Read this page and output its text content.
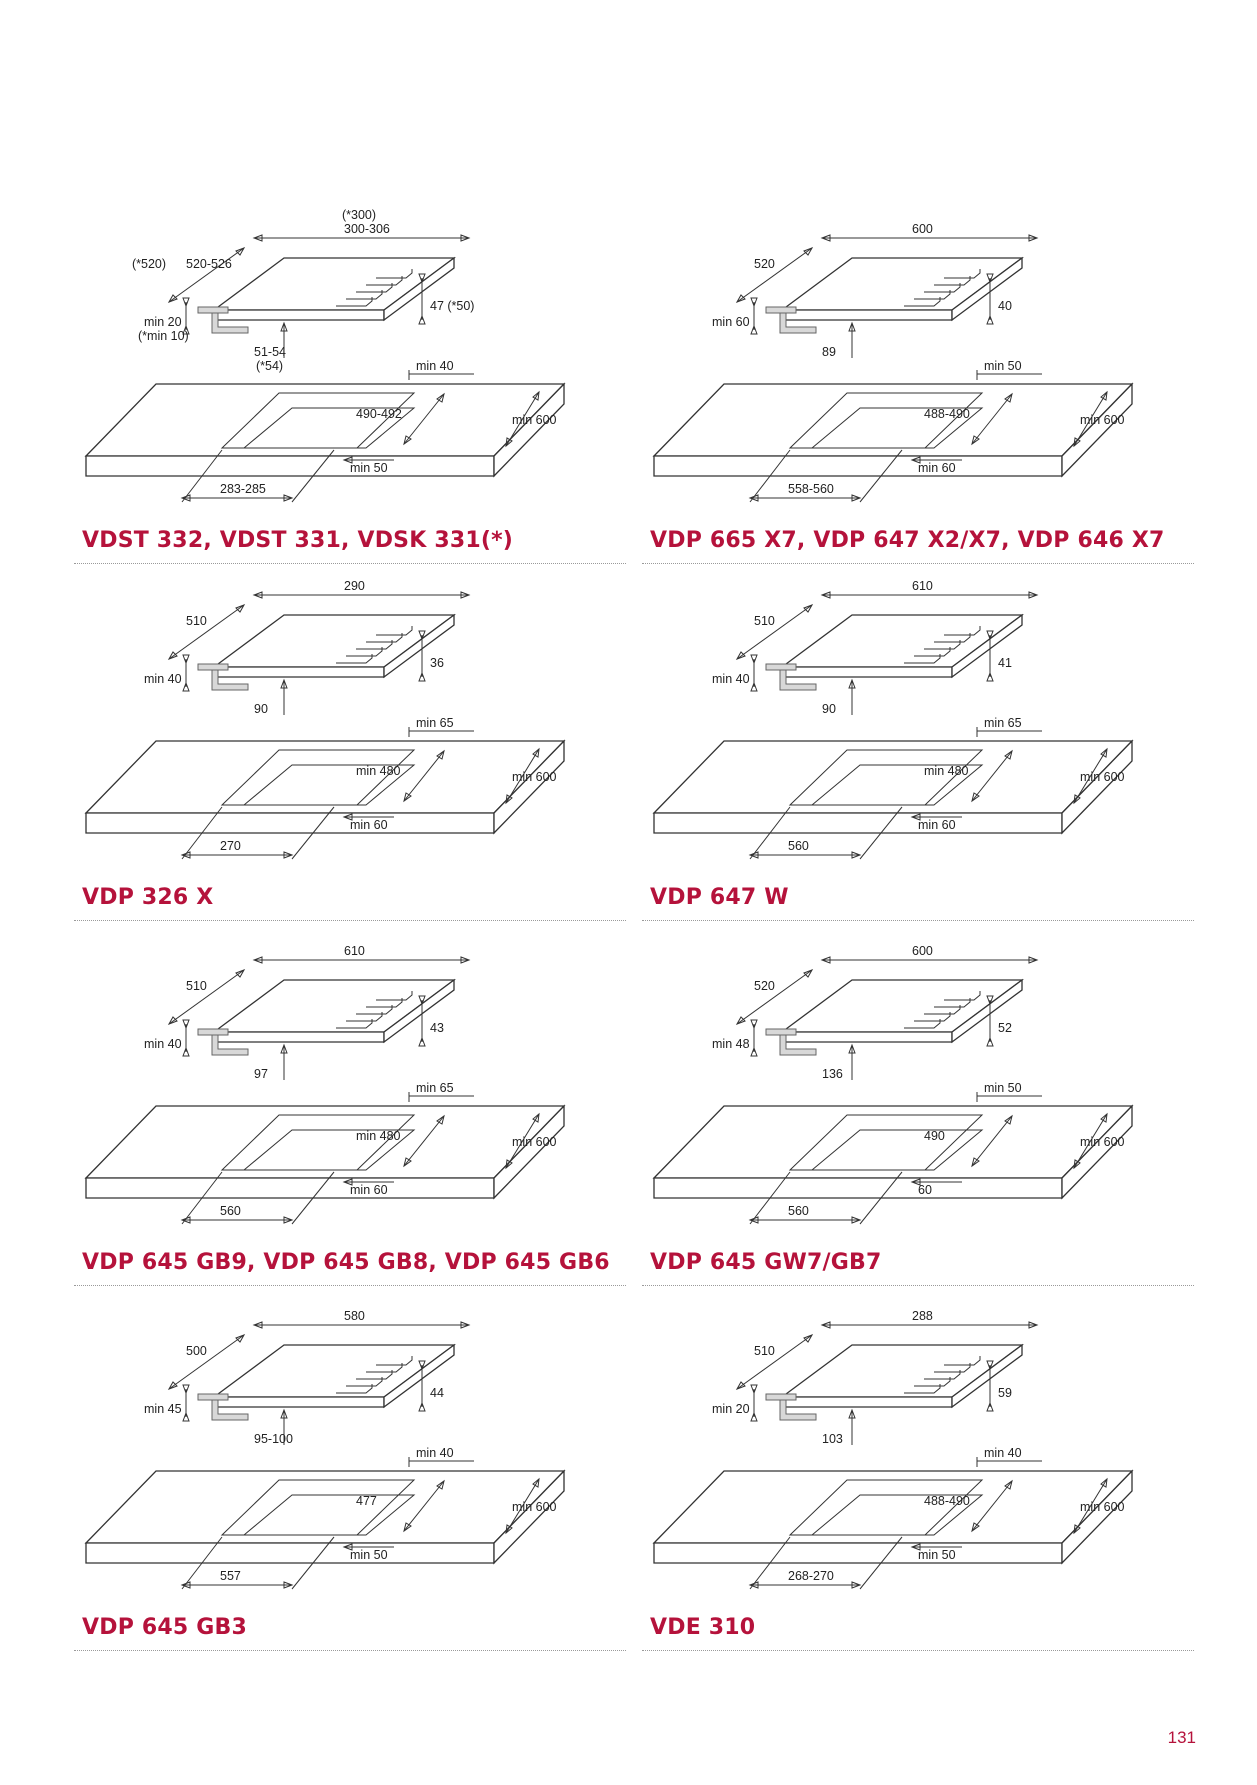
131
300-306
(*300)
520-526
(*520)
min 20
(*min 10)
47 (*50)
51-54
(*54)	min 40
490-492	min 600
min 50
283-285
VDST 332, VDST 331, VDSK 331(*)
600
520
min 60
40
89
min 50
488-490	min 600
min 60
558-560
VDP 665 X7, VDP 647 X2/X7, VDP 646 X7
290
510
min 40
36
90
min 65
min 480	min 600
min 60
270
VDP 326 X
610
510
min 40
41
90
min 65
min 480	min 600
min 60
560
VDP 647 W
610
510
min 40
43
97
min 65
min 480	min 600
min 60
560
VDP 645 GB9, VDP 645 GB8, VDP 645 GB6
600
520
min 48
52
136
min 50
490	min 600
60
560
VDP 645 GW7/GB7
580
500
min 45
44
95-100
min 40
477	min 600
min 50
557
VDP 645 GB3
288
510
min 20
59
103
min 40
488-490	min 600
min 50
268-270
VDE 310
